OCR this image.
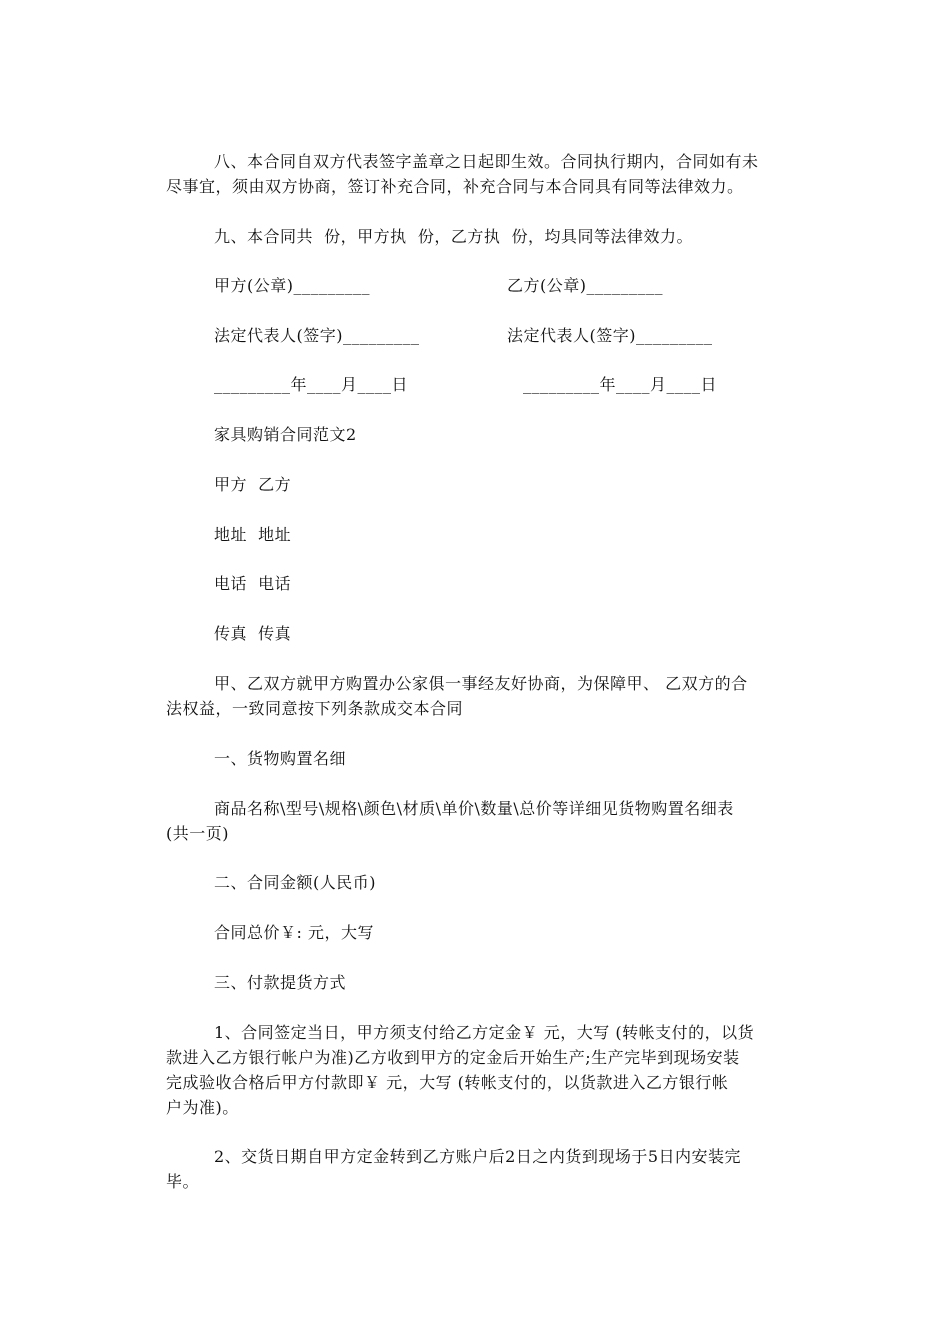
八、本合同自双方代表签字盖章之日起即生效。合同执行期内，合同如有未
尽事宜，须由双方协商，签订补充合同，补充合同与本合同具有同等法律效力。
九、本合同共  份，甲方执  份，乙方执  份，均具同等法律效力。
甲方(公章)_________	乙方(公章)_________
法定代表人(签字)_________	法定代表人(签字)_________
_________年____月____日	_________年____月____日
家具购销合同范文2
甲方  乙方
地址  地址
电话  电话
传真  传真
甲、乙双方就甲方购置办公家俱一事经友好协商，为保障甲、 乙双方的合
法权益，一致同意按下列条款成交本合同
一、货物购置名细
商品名称\型号\规格\颜色\材质\单价\数量\总价等详细见货物购置名细表
(共一页)
二、合同金额(人民币)
合同总价￥: 元，大写
三、付款提货方式
1、合同签定当日，甲方须支付给乙方定金￥ 元，大写 (转帐支付的，以货
款进入乙方银行帐户为准)乙方收到甲方的定金后开始生产;生产完毕到现场安装
完成验收合格后甲方付款即￥ 元，大写 (转帐支付的，以货款进入乙方银行帐
户为准)。
2、交货日期自甲方定金转到乙方账户后2日之内货到现场于5日内安装完
毕。
